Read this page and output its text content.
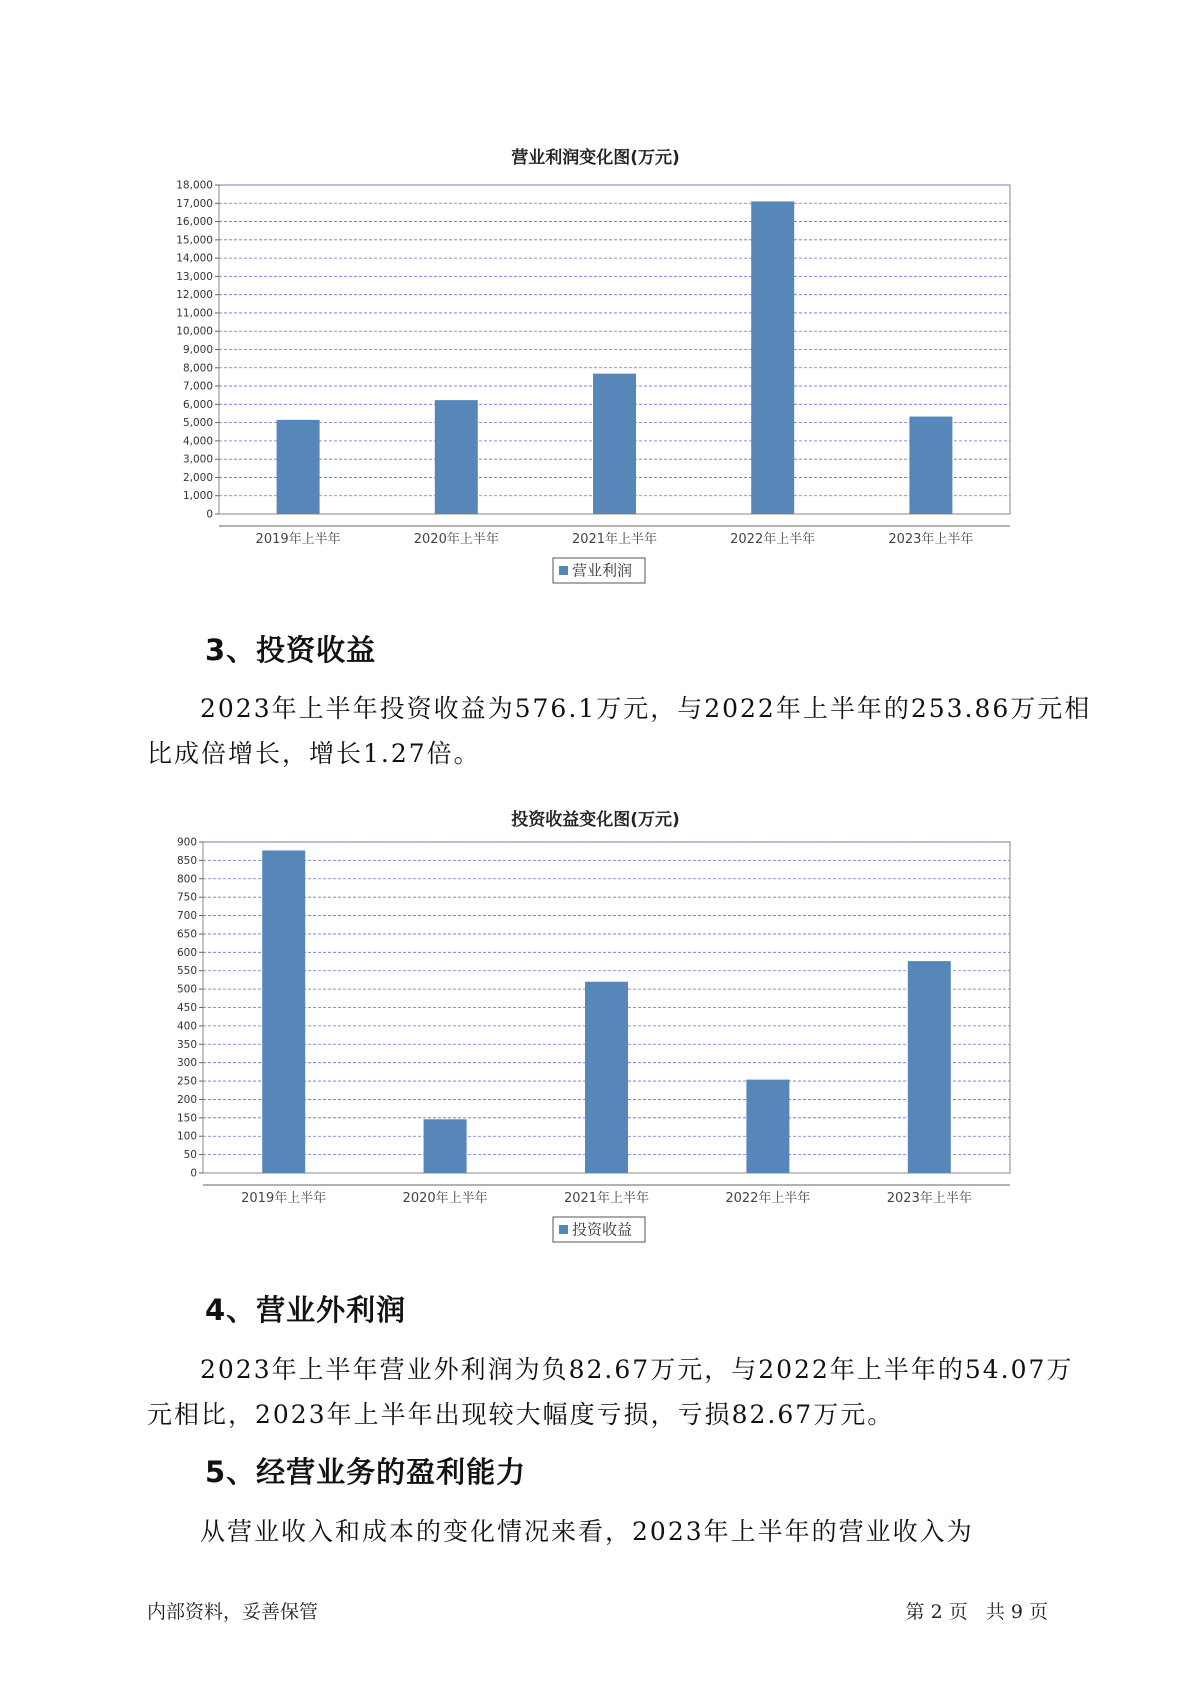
营业利润变化图(万元)
0
1,000
2,000
3,000
4,000
5,000
6,000
7,000
8,000
9,000
10,000
11,000
12,000
13,000
14,000
15,000
16,000
17,000
18,000
2019年上半年	2020年上半年	2021年上半年	2022年上半年	2023年上半年
营业利润
3、投资收益
2023年上半年投资收益为576.1万元，与2022年上半年的253.86万元相
比成倍增长，增长1.27倍。
投资收益变化图(万元)
0
50
100
150
200
250
300
350
400
450
500
550
600
650
700
750
800
850
900
2019年上半年	2020年上半年	2021年上半年	2022年上半年	2023年上半年
投资收益
4、营业外利润
2023年上半年营业外利润为负82.67万元，与2022年上半年的54.07万
元相比，2023年上半年出现较大幅度亏损，亏损82.67万元。
5、经营业务的盈利能力
从营业收入和成本的变化情况来看，2023年上半年的营业收入为
内部资料，妥善保管	第 2 页   共 9 页
